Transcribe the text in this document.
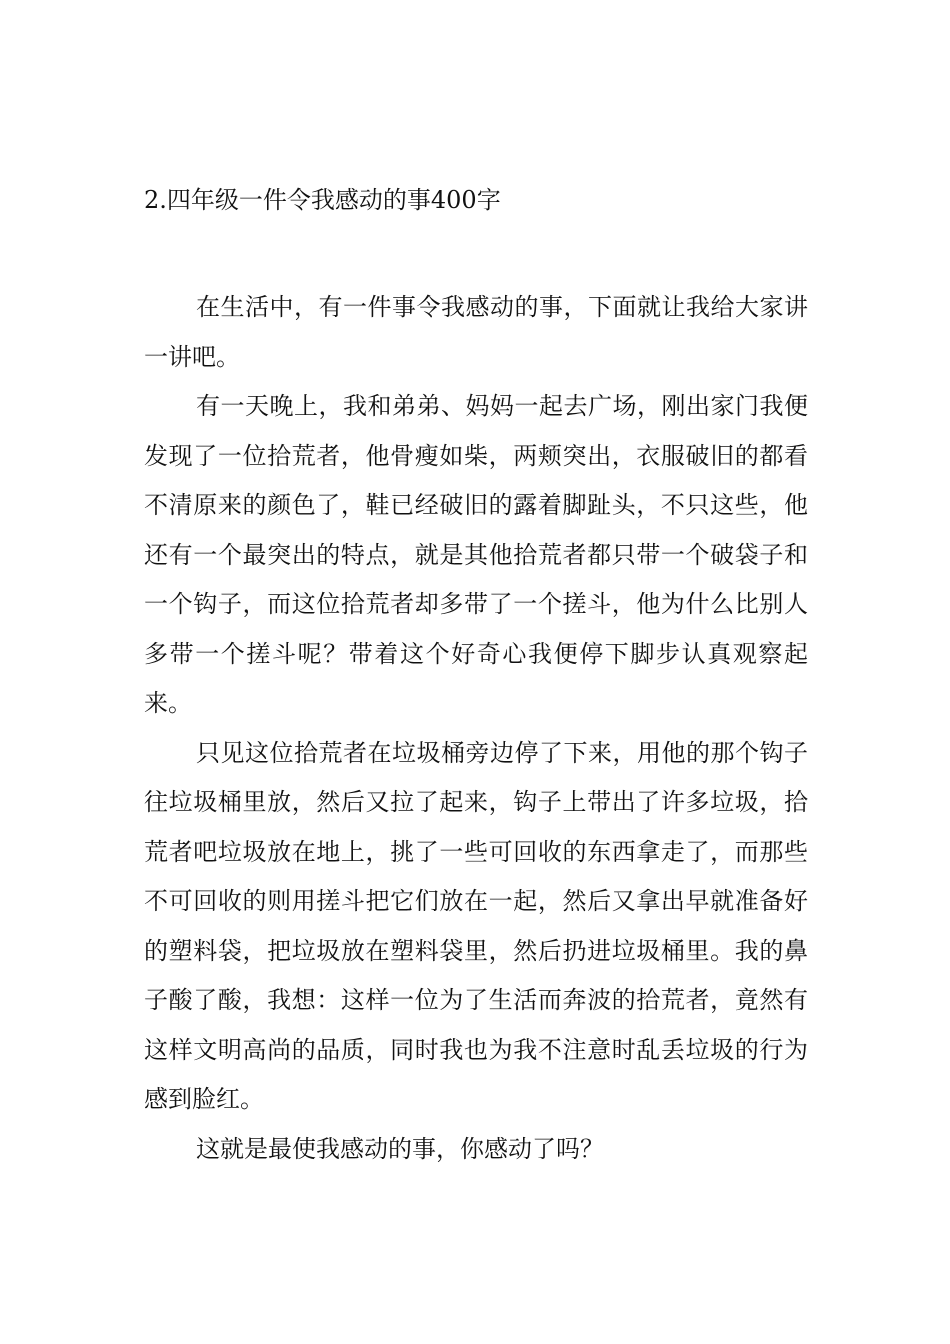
2.四年级一件令我感动的事400字

在生活中，有一件事令我感动的事，下面就让我给大家讲一讲吧。

有一天晚上，我和弟弟、妈妈一起去广场，刚出家门我便发现了一位拾荒者，他骨瘦如柴，两颊突出，衣服破旧的都看不清原来的颜色了，鞋已经破旧的露着脚趾头，不只这些，他还有一个最突出的特点，就是其他拾荒者都只带一个破袋子和一个钩子，而这位拾荒者却多带了一个搓斗，他为什么比别人多带一个搓斗呢？带着这个好奇心我便停下脚步认真观察起来。

只见这位拾荒者在垃圾桶旁边停了下来，用他的那个钩子往垃圾桶里放，然后又拉了起来，钩子上带出了许多垃圾，拾荒者吧垃圾放在地上，挑了一些可回收的东西拿走了，而那些不可回收的则用搓斗把它们放在一起，然后又拿出早就准备好的塑料袋，把垃圾放在塑料袋里，然后扔进垃圾桶里。我的鼻子酸了酸，我想：这样一位为了生活而奔波的拾荒者，竟然有这样文明高尚的品质，同时我也为我不注意时乱丢垃圾的行为感到脸红。

这就是最使我感动的事，你感动了吗？
